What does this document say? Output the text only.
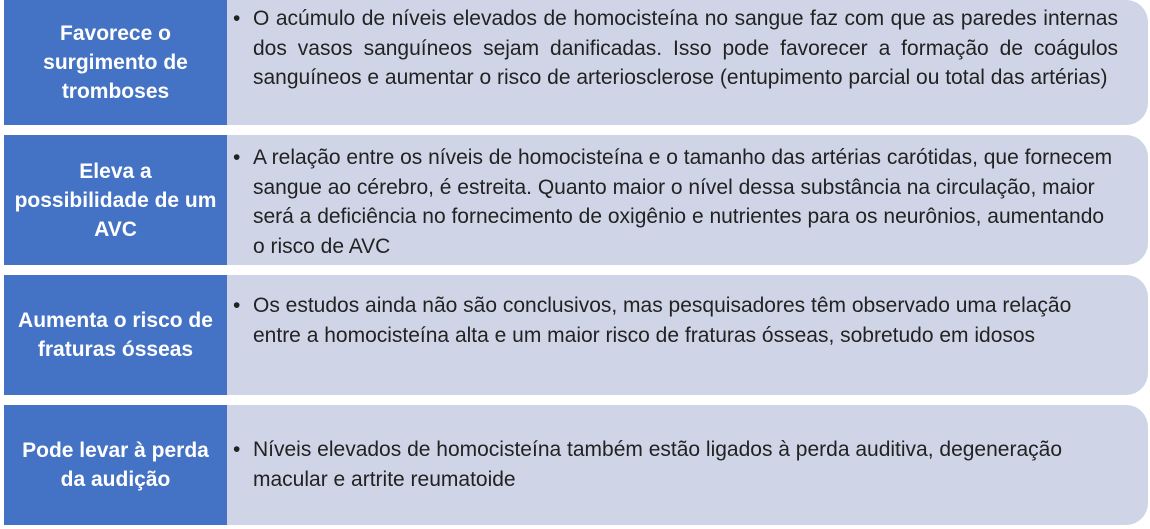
Favorece o surgimento de tromboses
• O acúmulo de níveis elevados de homocisteína no sangue faz com que as paredes internas dos vasos sanguíneos sejam danificadas. Isso pode favorecer a formação de coágulos sanguíneos e aumentar o risco de arteriosclerose (entupimento parcial ou total das artérias)
Eleva a possibilidade de um AVC
• A relação entre os níveis de homocisteína e o tamanho das artérias carótidas, que fornecem sangue ao cérebro, é estreita. Quanto maior o nível dessa substância na circulação, maior será a deficiência no fornecimento de oxigênio e nutrientes para os neurônios, aumentando o risco de AVC
Aumenta o risco de fraturas ósseas
• Os estudos ainda não são conclusivos, mas pesquisadores têm observado uma relação entre a homocisteína alta e um maior risco de fraturas ósseas, sobretudo em idosos
Pode levar à perda da audição
• Níveis elevados de homocisteína também estão ligados à perda auditiva, degeneração macular e artrite reumatoide
